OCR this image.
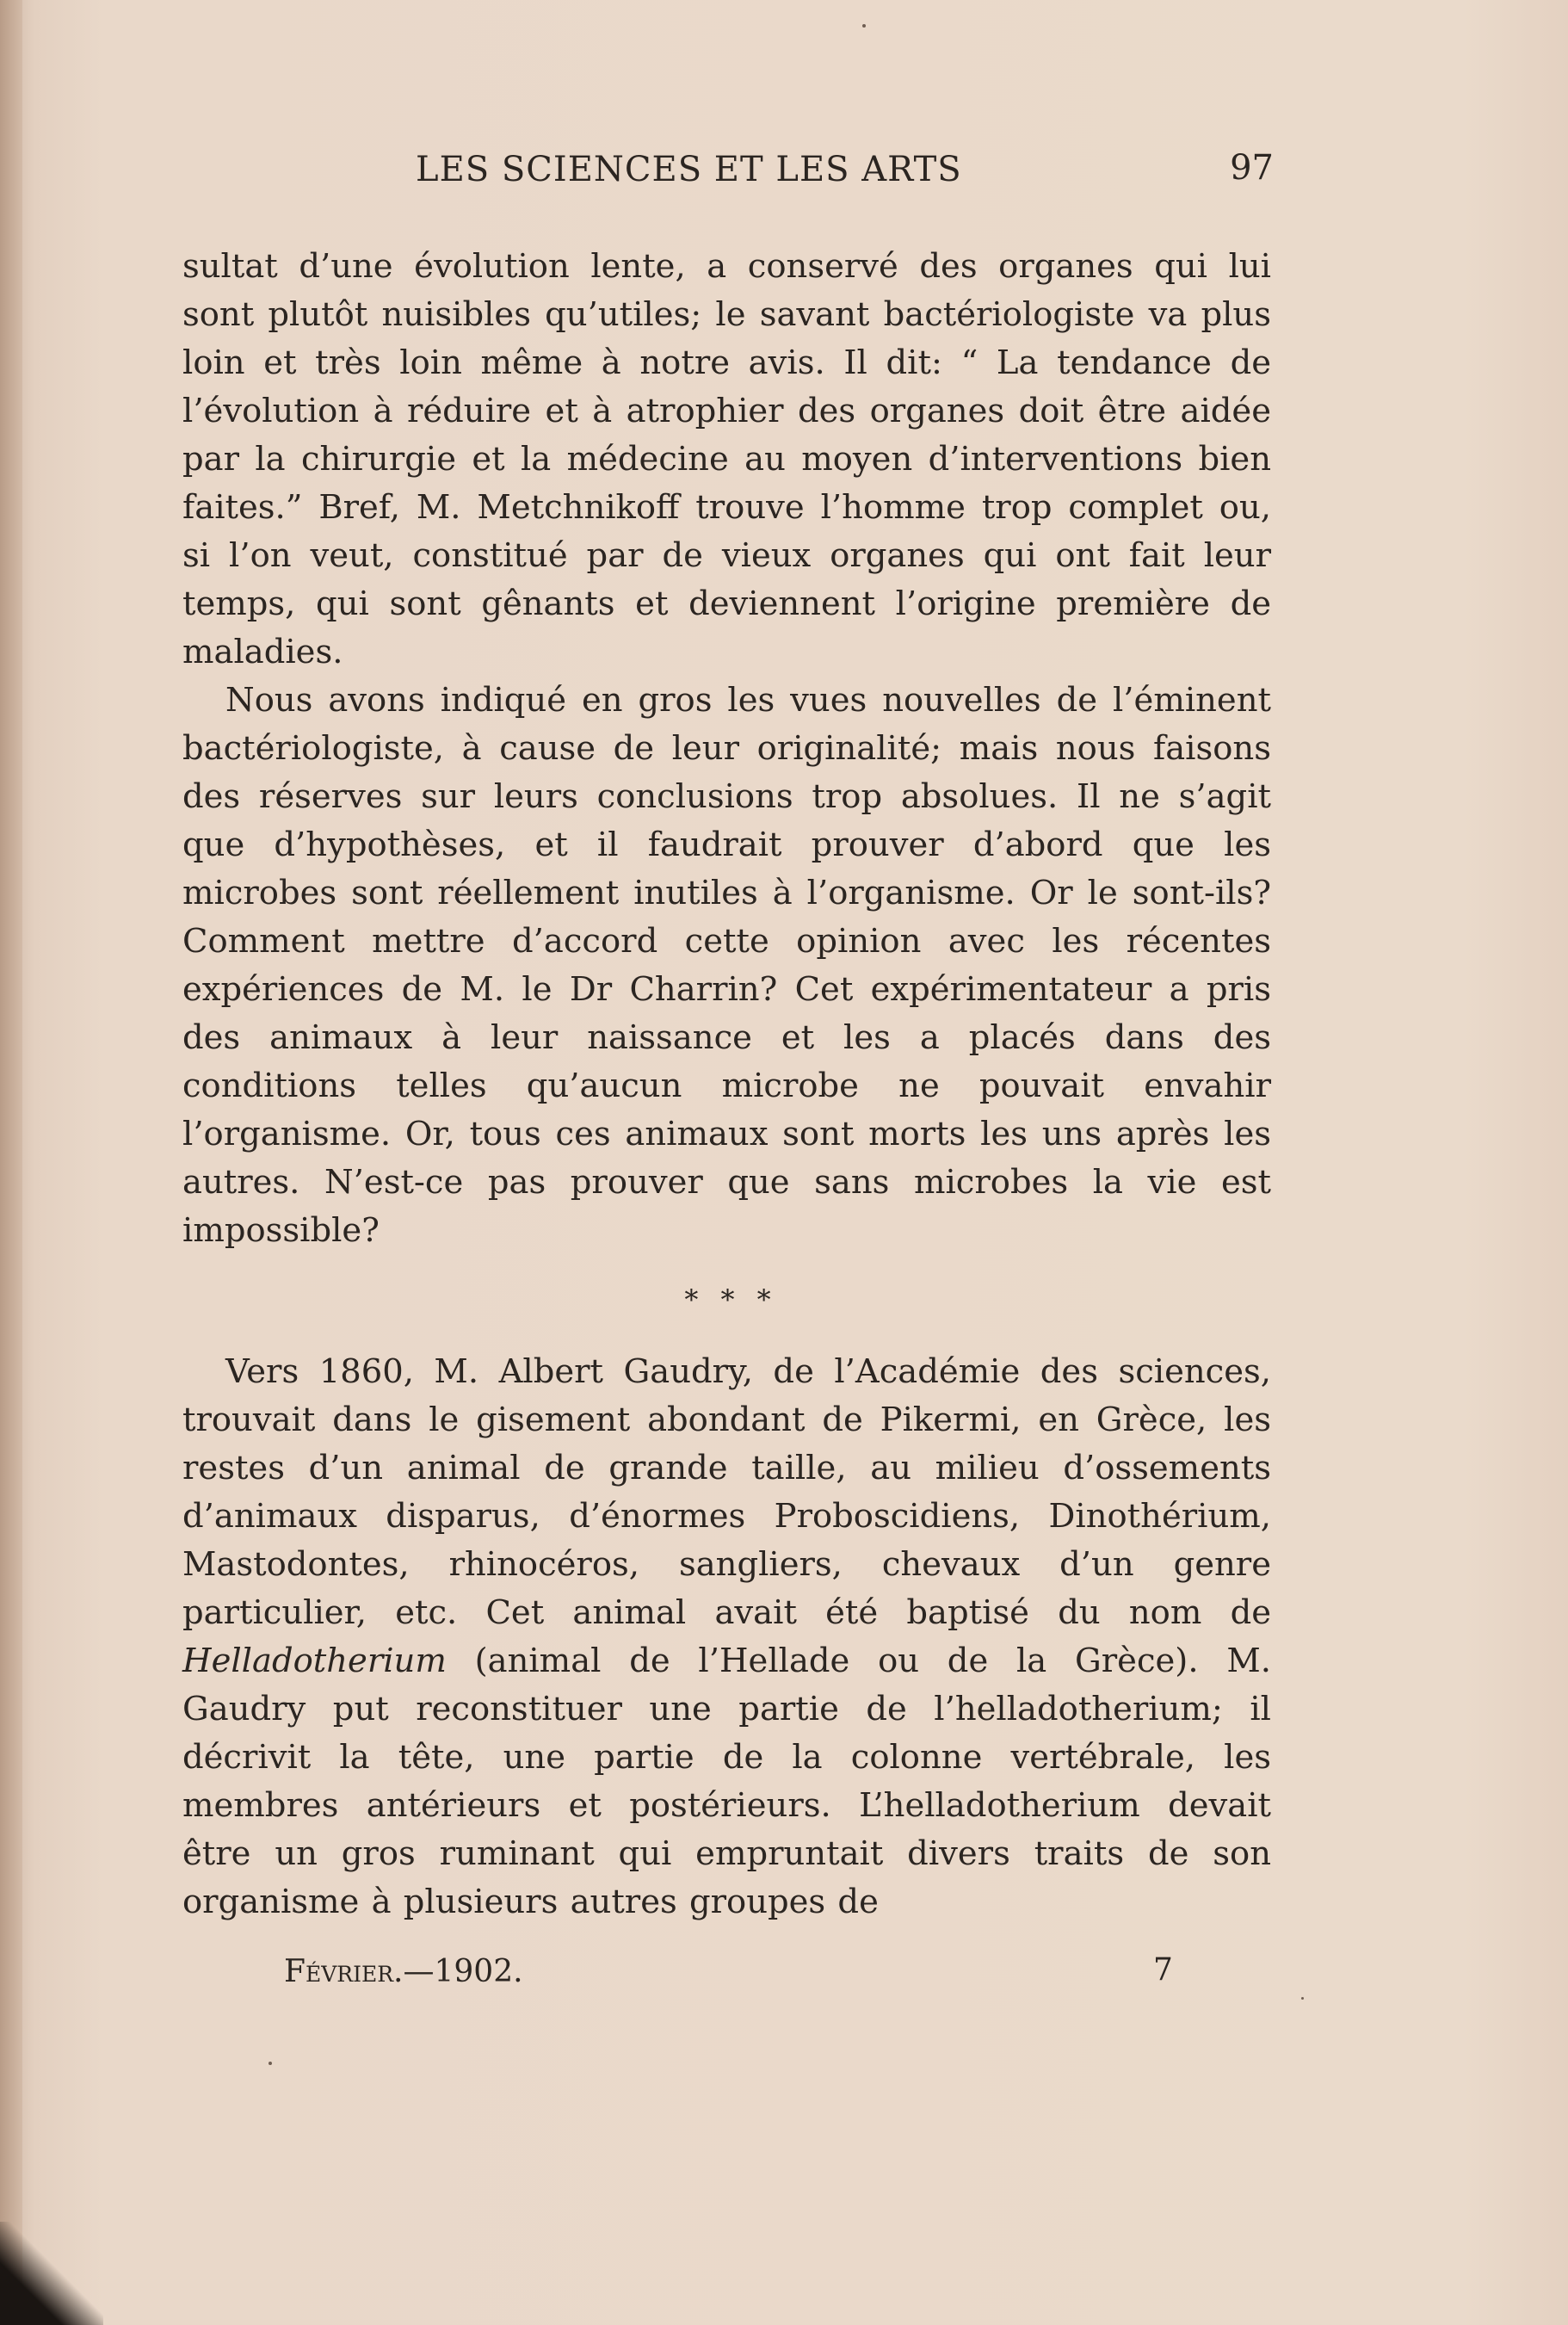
LES SCIENCES ET LES ARTS	97

sultat d’une évolution lente, a conservé des organes qui lui sont plutôt nuisibles qu’utiles; le savant bactériologiste va plus loin et très loin même à notre avis. Il dit: “ La tendance de l’évolution à réduire et à atrophier des organes doit être aidée par la chirurgie et la médecine au moyen d’interventions bien faites.” Bref, M. Metchnikoff trouve l’homme trop complet ou, si l’on veut, constitué par de vieux organes qui ont fait leur temps, qui sont gênants et deviennent l’origine première de maladies.

Nous avons indiqué en gros les vues nouvelles de l’éminent bactériologiste, à cause de leur originalité; mais nous faisons des réserves sur leurs conclusions trop absolues. Il ne s’agit que d’hypothèses, et il faudrait prouver d’abord que les microbes sont réellement inutiles à l’organisme. Or le sont-ils? Comment mettre d’accord cette opinion avec les récentes expériences de M. le Dr Charrin? Cet expérimentateur a pris des animaux à leur naissance et les a placés dans des conditions telles qu’aucun microbe ne pouvait envahir l’organisme. Or, tous ces animaux sont morts les uns après les autres. N’est-ce pas prouver que sans microbes la vie est impossible?

* * *

Vers 1860, M. Albert Gaudry, de l’Académie des sciences, trouvait dans le gisement abondant de Pikermi, en Grèce, les restes d’un animal de grande taille, au milieu d’ossements d’animaux disparus, d’énormes Proboscidiens, Dinothérium, Mastodontes, rhinocéros, sangliers, chevaux d’un genre particulier, etc. Cet animal avait été baptisé du nom de Helladotherium (animal de l’Hellade ou de la Grèce). M. Gaudry put reconstituer une partie de l’helladotherium; il décrivit la tête, une partie de la colonne vertébrale, les membres antérieurs et postérieurs. L’helladotherium devait être un gros ruminant qui empruntait divers traits de son organisme à plusieurs autres groupes de

Février.—1902.	7
